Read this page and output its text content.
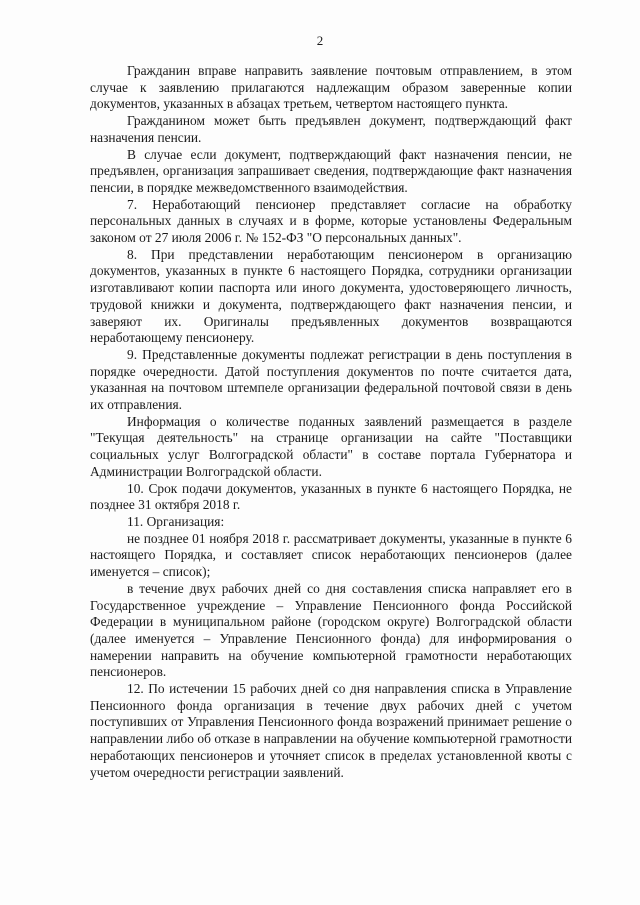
2

Гражданин вправе направить заявление почтовым отправлением, в этом случае к заявлению прилагаются надлежащим образом заверенные копии документов, указанных в абзацах третьем, четвертом настоящего пункта.

Гражданином может быть предъявлен документ, подтверждающий факт назначения пенсии.

В случае если документ, подтверждающий факт назначения пенсии, не предъявлен, организация запрашивает сведения, подтверждающие факт назначения пенсии, в порядке межведомственного взаимодействия.

7. Неработающий пенсионер представляет согласие на обработку персональных данных в случаях и в форме, которые установлены Федеральным законом от 27 июля 2006 г. № 152-ФЗ "О персональных данных".

8. При представлении неработающим пенсионером в организацию документов, указанных в пункте 6 настоящего Порядка, сотрудники организации изготавливают копии паспорта или иного документа, удостоверяющего личность, трудовой книжки и документа, подтверждающего факт назначения пенсии, и заверяют их. Оригиналы предъявленных документов возвращаются неработающему пенсионеру.

9. Представленные документы подлежат регистрации в день поступления в порядке очередности. Датой поступления документов по почте считается дата, указанная на почтовом штемпеле организации федеральной почтовой связи в день их отправления.

Информация о количестве поданных заявлений размещается в разделе "Текущая деятельность" на странице организации на сайте "Поставщики социальных услуг Волгоградской области" в составе портала Губернатора и Администрации Волгоградской области.

10. Срок подачи документов, указанных в пункте 6 настоящего Порядка, не позднее 31 октября 2018 г.

11. Организация:

не позднее 01 ноября 2018 г. рассматривает документы, указанные в пункте 6 настоящего Порядка, и составляет список неработающих пенсионеров (далее именуется – список);

в течение двух рабочих дней со дня составления списка направляет его в Государственное учреждение – Управление Пенсионного фонда Российской Федерации в муниципальном районе (городском округе) Волгоградской области (далее именуется – Управление Пенсионного фонда) для информирования о намерении направить на обучение компьютерной грамотности неработающих пенсионеров.

12. По истечении 15 рабочих дней со дня направления списка в Управление Пенсионного фонда организация в течение двух рабочих дней с учетом поступивших от Управления Пенсионного фонда возражений принимает решение о направлении либо об отказе в направлении на обучение компьютерной грамотности неработающих пенсионеров и уточняет список в пределах установленной квоты с учетом очередности регистрации заявлений.
